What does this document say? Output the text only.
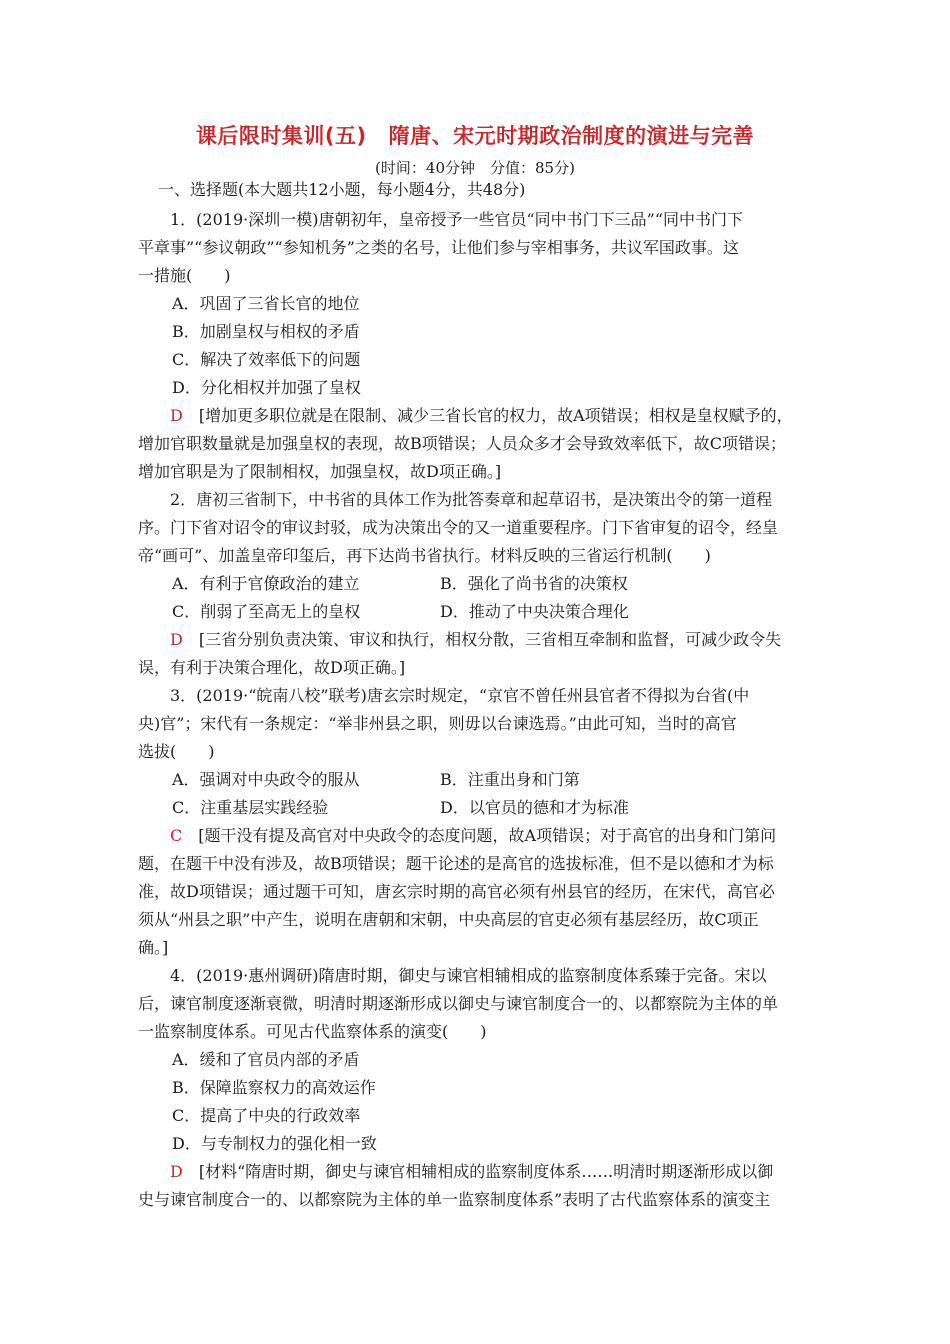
课后限时集训(五) 隋唐、宋元时期政治制度的演进与完善
(时间：40分钟　分值：85分)
一、选择题(本大题共12小题，每小题4分，共48分)
1．(2019·深圳一模)唐朝初年，皇帝授予一些官员“同中书门下三品”“同中书门下
平章事”“参议朝政”“参知机务”之类的名号，让他们参与宰相事务，共议军国政事。这
一措施(　　)
A．巩固了三省长官的地位
B．加剧皇权与相权的矛盾
C．解决了效率低下的问题
D．分化相权并加强了皇权
D　 [增加更多职位就是在限制、减少三省长官的权力，故A项错误；相权是皇权赋予的，
增加官职数量就是加强皇权的表现，故B项错误；人员众多才会导致效率低下，故C项错误；
增加官职是为了限制相权，加强皇权，故D项正确。]
2．唐初三省制下，中书省的具体工作为批答奏章和起草诏书，是决策出令的第一道程
序。门下省对诏令的审议封驳，成为决策出令的又一道重要程序。门下省审复的诏令，经皇
帝“画可”、加盖皇帝印玺后，再下达尚书省执行。材料反映的三省运行机制(　　)
A．有利于官僚政治的建立	B．强化了尚书省的决策权
C．削弱了至高无上的皇权	D．推动了中央决策合理化
D　 [三省分别负责决策、审议和执行，相权分散，三省相互牵制和监督，可减少政令失
误，有利于决策合理化，故D项正确。]
3．(2019·“皖南八校”联考)唐玄宗时规定，“京官不曾任州县官者不得拟为台省(中
央)官”；宋代有一条规定：“举非州县之职，则毋以台谏选焉。”由此可知，当时的高官
选拔(　　)
A．强调对中央政令的服从	B．注重出身和门第
C．注重基层实践经验	D．以官员的德和才为标准
C　 [题干没有提及高官对中央政令的态度问题，故A项错误；对于高官的出身和门第问
题，在题干中没有涉及，故B项错误；题干论述的是高官的选拔标准，但不是以德和才为标
准，故D项错误；通过题干可知，唐玄宗时期的高官必须有州县官的经历，在宋代，高官必
须从“州县之职”中产生，说明在唐朝和宋朝，中央高层的官吏必须有基层经历，故C项正
确。]
4．(2019·惠州调研)隋唐时期，御史与谏官相辅相成的监察制度体系臻于完备。宋以
后，谏官制度逐渐衰微，明清时期逐渐形成以御史与谏官制度合一的、以都察院为主体的单
一监察制度体系。可见古代监察体系的演变(　　)
A．缓和了官员内部的矛盾
B．保障监察权力的高效运作
C．提高了中央的行政效率
D．与专制权力的强化相一致
D　 [材料“隋唐时期，御史与谏官相辅相成的监察制度体系……明清时期逐渐形成以御
史与谏官制度合一的、以都察院为主体的单一监察制度体系”表明了古代监察体系的演变主
